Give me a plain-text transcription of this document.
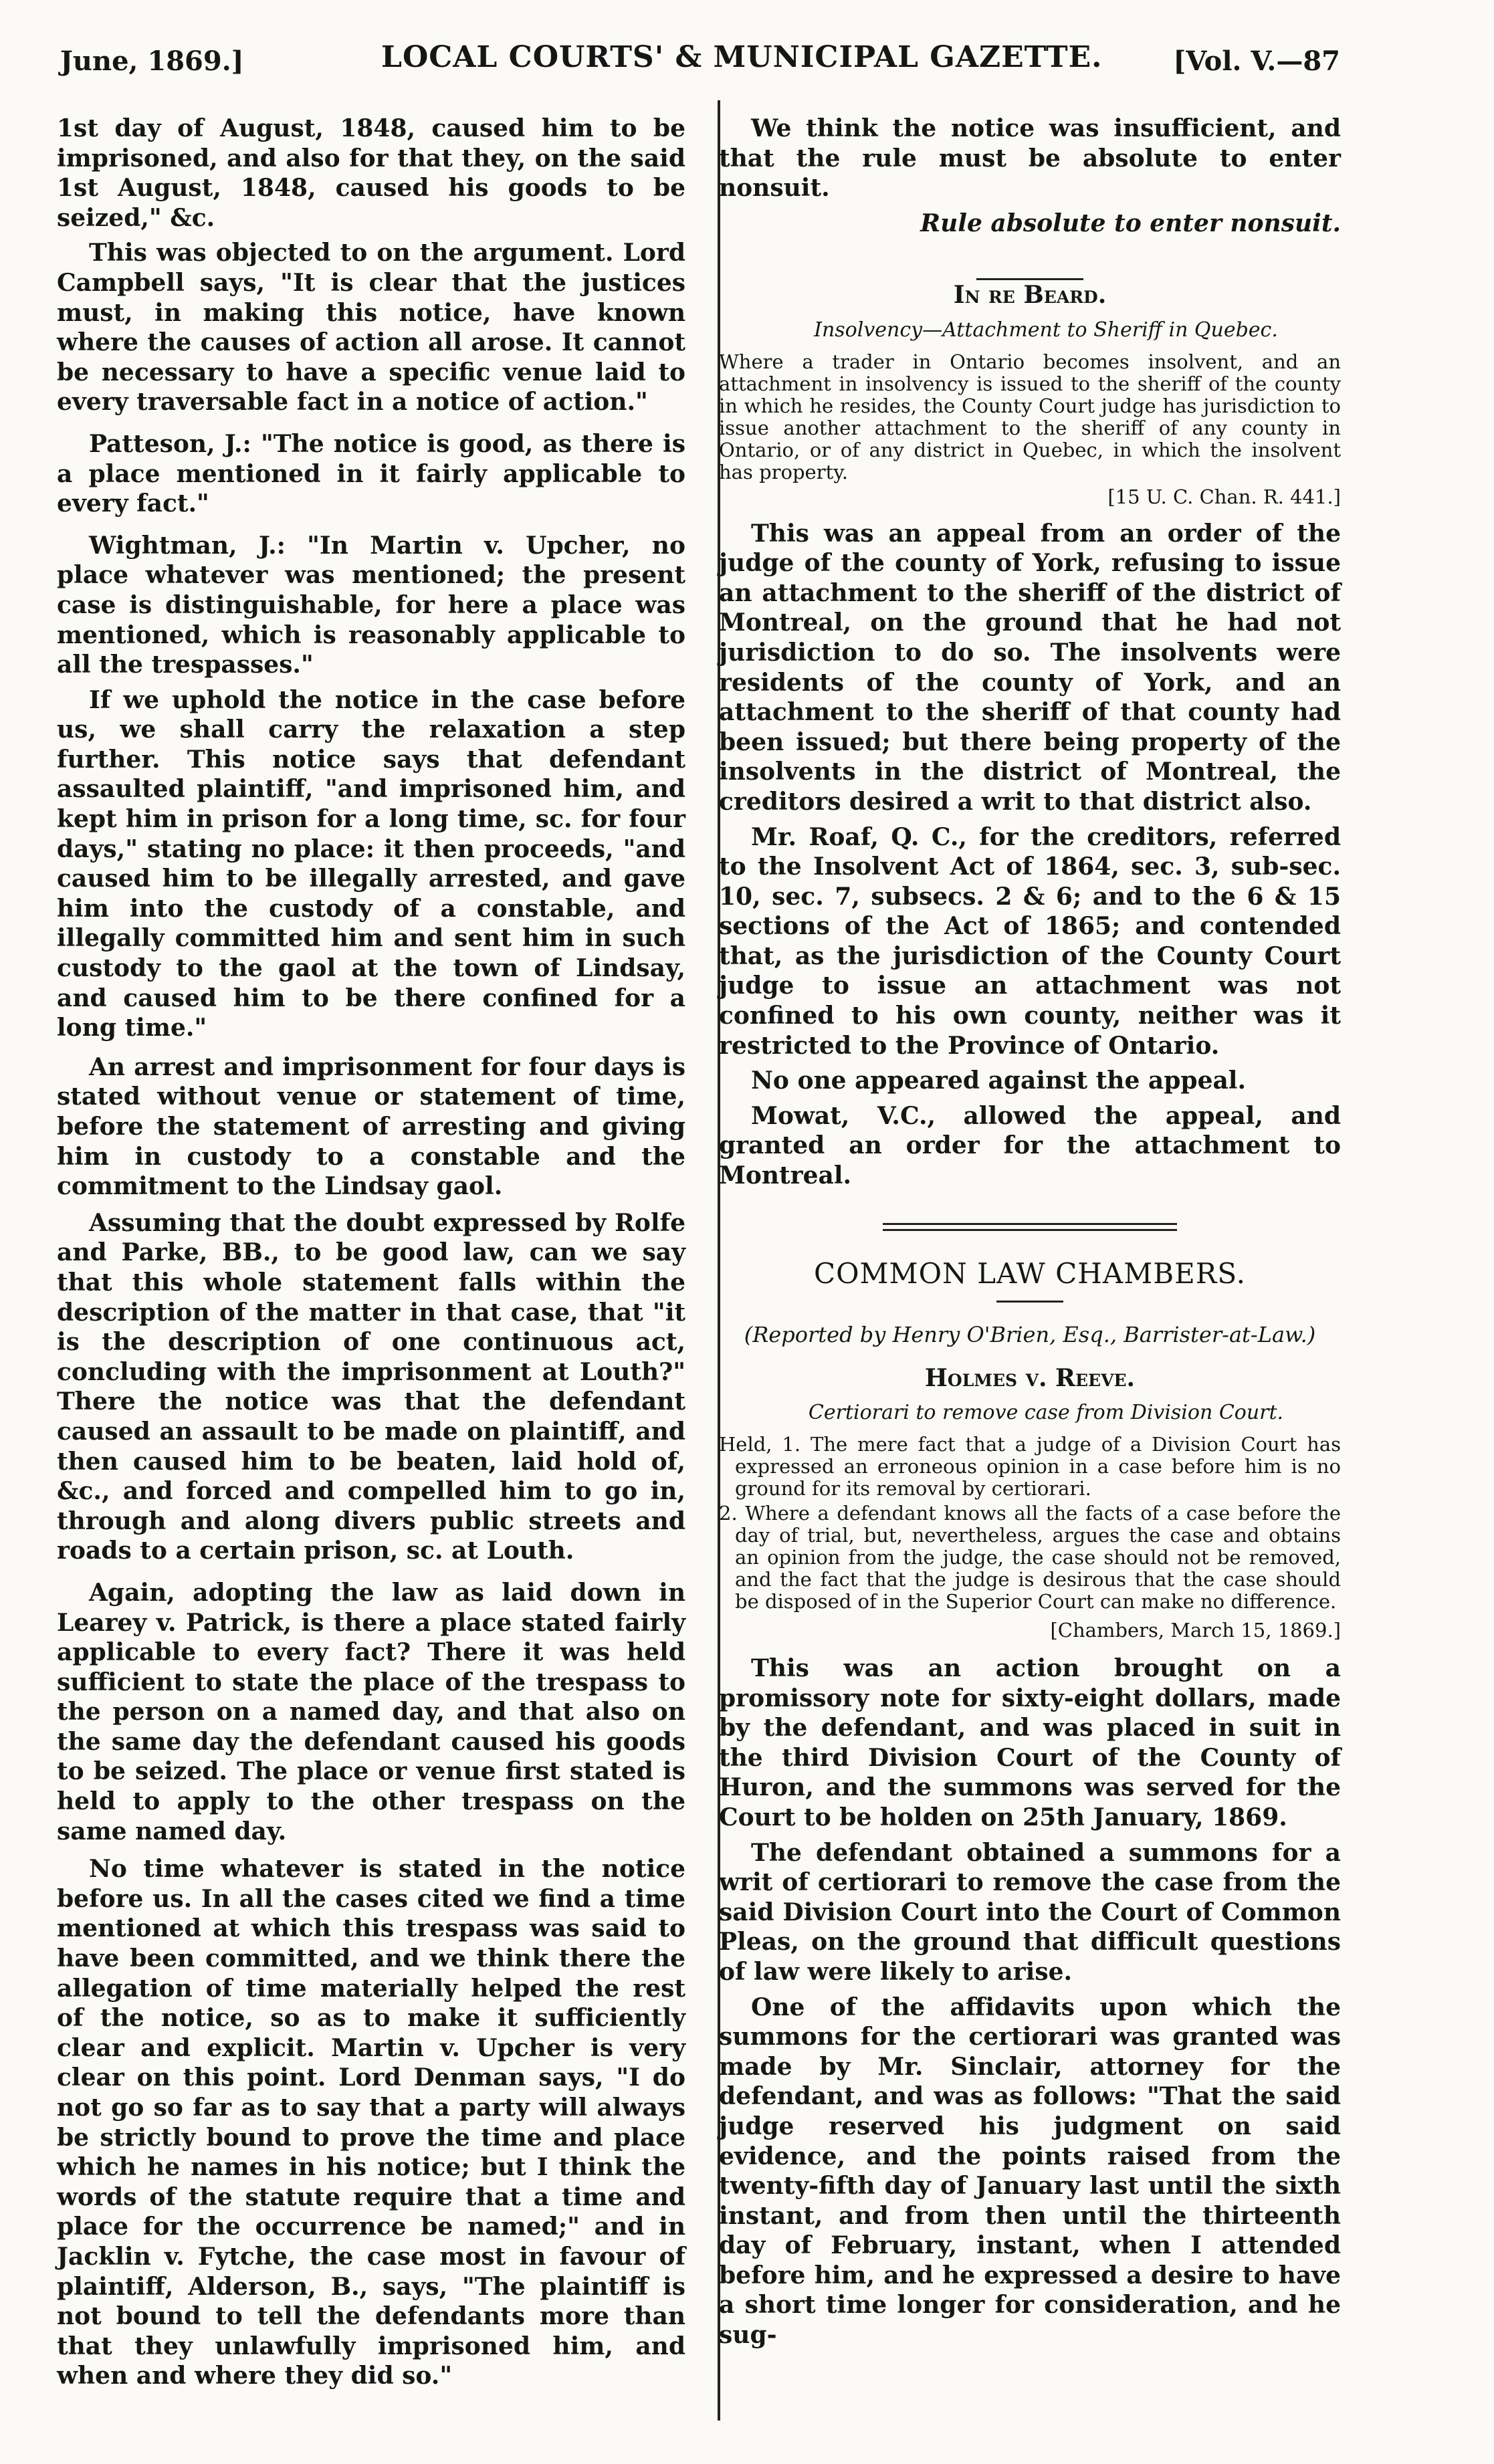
June, 1869.]	LOCAL COURTS' & MUNICIPAL GAZETTE.	[Vol. V.—87

1st day of August, 1848, caused him to be imprisoned, and also for that they, on the said 1st August, 1848, caused his goods to be seized," &c.

This was objected to on the argument. Lord Campbell says, "It is clear that the justices must, in making this notice, have known where the causes of action all arose. It cannot be necessary to have a specific venue laid to every traversable fact in a notice of action."

Patteson, J.: "The notice is good, as there is a place mentioned in it fairly applicable to every fact."

Wightman, J.: "In Martin v. Upcher, no place whatever was mentioned; the present case is distinguishable, for here a place was mentioned, which is reasonably applicable to all the trespasses."

If we uphold the notice in the case before us, we shall carry the relaxation a step further. This notice says that defendant assaulted plaintiff, "and imprisoned him, and kept him in prison for a long time, sc. for four days," stating no place: it then proceeds, "and caused him to be illegally arrested, and gave him into the custody of a constable, and illegally committed him and sent him in such custody to the gaol at the town of Lindsay, and caused him to be there confined for a long time."

An arrest and imprisonment for four days is stated without venue or statement of time, before the statement of arresting and giving him in custody to a constable and the commitment to the Lindsay gaol.

Assuming that the doubt expressed by Rolfe and Parke, BB., to be good law, can we say that this whole statement falls within the description of the matter in that case, that "it is the description of one continuous act, concluding with the imprisonment at Louth?" There the notice was that the defendant caused an assault to be made on plaintiff, and then caused him to be beaten, laid hold of, &c., and forced and compelled him to go in, through and along divers public streets and roads to a certain prison, sc. at Louth.

Again, adopting the law as laid down in Learey v. Patrick, is there a place stated fairly applicable to every fact? There it was held sufficient to state the place of the trespass to the person on a named day, and that also on the same day the defendant caused his goods to be seized. The place or venue first stated is held to apply to the other trespass on the same named day.

No time whatever is stated in the notice before us. In all the cases cited we find a time mentioned at which this trespass was said to have been committed, and we think there the allegation of time materially helped the rest of the notice, so as to make it sufficiently clear and explicit. Martin v. Upcher is very clear on this point. Lord Denman says, "I do not go so far as to say that a party will always be strictly bound to prove the time and place which he names in his notice; but I think the words of the statute require that a time and place for the occurrence be named;" and in Jacklin v. Fytche, the case most in favour of plaintiff, Alderson, B., says, "The plaintiff is not bound to tell the defendants more than that they unlawfully imprisoned him, and when and where they did so."

We think the notice was insufficient, and that the rule must be absolute to enter nonsuit.

Rule absolute to enter nonsuit.

In re Beard.

Insolvency—Attachment to Sheriff in Quebec.

Where a trader in Ontario becomes insolvent, and an attachment in insolvency is issued to the sheriff of the county in which he resides, the County Court judge has jurisdiction to issue another attachment to the sheriff of any county in Ontario, or of any district in Quebec, in which the insolvent has property.

[15 U. C. Chan. R. 441.]

This was an appeal from an order of the judge of the county of York, refusing to issue an attachment to the sheriff of the district of Montreal, on the ground that he had not jurisdiction to do so. The insolvents were residents of the county of York, and an attachment to the sheriff of that county had been issued; but there being property of the insolvents in the district of Montreal, the creditors desired a writ to that district also.

Mr. Roaf, Q. C., for the creditors, referred to the Insolvent Act of 1864, sec. 3, sub-sec. 10, sec. 7, subsecs. 2 & 6; and to the 6 & 15 sections of the Act of 1865; and contended that, as the jurisdiction of the County Court judge to issue an attachment was not confined to his own county, neither was it restricted to the Province of Ontario.

No one appeared against the appeal.

Mowat, V.C., allowed the appeal, and granted an order for the attachment to Montreal.

COMMON LAW CHAMBERS.
(Reported by Henry O'Brien, Esq., Barrister-at-Law.)

Holmes v. Reeve.

Certiorari to remove case from Division Court.

Held, 1. The mere fact that a judge of a Division Court has expressed an erroneous opinion in a case before him is no ground for its removal by certiorari.

2. Where a defendant knows all the facts of a case before the day of trial, but, nevertheless, argues the case and obtains an opinion from the judge, the case should not be removed, and the fact that the judge is desirous that the case should be disposed of in the Superior Court can make no difference.

[Chambers, March 15, 1869.]

This was an action brought on a promissory note for sixty-eight dollars, made by the defendant, and was placed in suit in the third Division Court of the County of Huron, and the summons was served for the Court to be holden on 25th January, 1869.

The defendant obtained a summons for a writ of certiorari to remove the case from the said Division Court into the Court of Common Pleas, on the ground that difficult questions of law were likely to arise.

One of the affidavits upon which the summons for the certiorari was granted was made by Mr. Sinclair, attorney for the defendant, and was as follows: "That the said judge reserved his judgment on said evidence, and the points raised from the twenty-fifth day of January last until the sixth instant, and from then until the thirteenth day of February, instant, when I attended before him, and he expressed a desire to have a short time longer for consideration, and he sug-
